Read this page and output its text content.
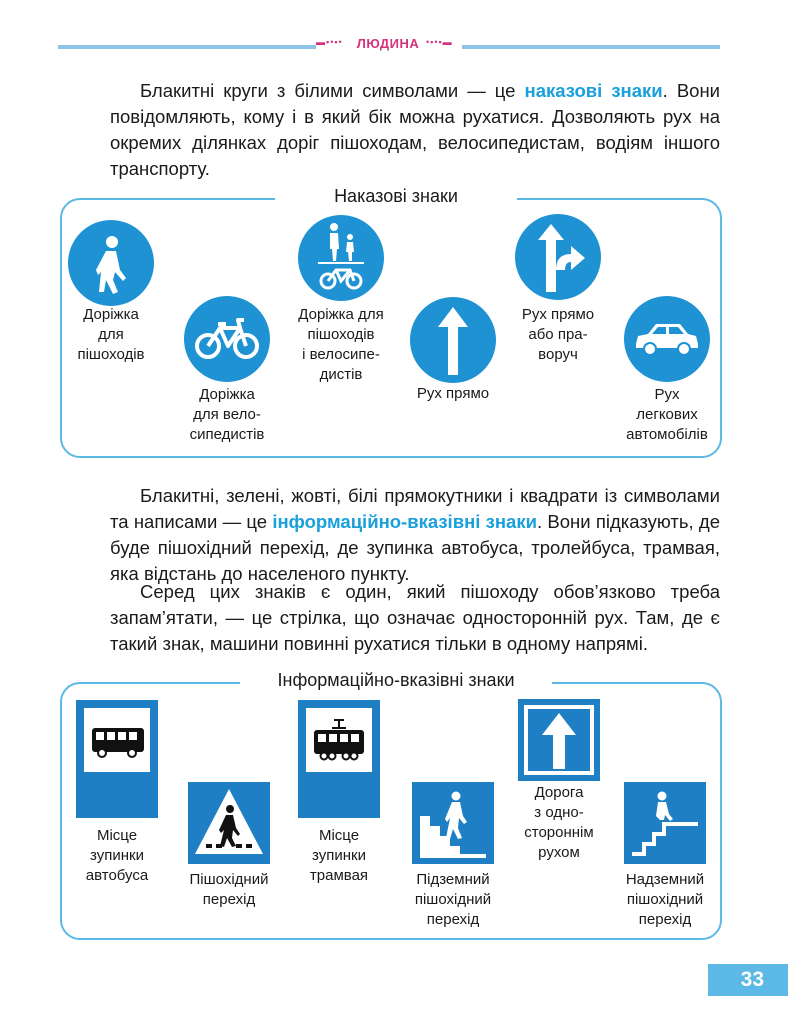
▬▪•▪•	ЛЮДИНА •▪•▪▬
Блакитні круги з білими символами — це наказові знаки. Вони повідомляють, кому і в який бік можна рухатися. Дозволяють рух на окремих ділянках доріг пішоходам, велосипедистам, водіям іншого транспорту.
Наказові знаки
Доріжка
для
пішоходів
Доріжка
для вело-
сипедистів
Доріжка для
пішоходів
і велосипе-
дистів
Рух прямо
Рух прямо
або пра-
воруч
Рух
легкових
автомобілів
Блакитні, зелені, жовті, білі прямокутники і квадрати із символами та написами — це інформаційно-вказівні знаки. Вони підказують, де буде пішохідний перехід, де зупинка автобуса, тролейбуса, трамвая, яка відстань до населеного пункту.
Серед цих знаків є один, який пішоходу обов’язково треба запам’ятати, — це стрілка, що означає односторонній рух. Там, де є такий знак, машини повинні рухатися тільки в одному напрямі.
Інформаційно-вказівні знаки
Місце
зупинки
автобуса	Пішохідний
перехід
Місце
зупинки
трамвая	Підземний
пішохідний
перехід
Дорога
з одно-
стороннім
рухом
Надземний
пішохідний
перехід
33
